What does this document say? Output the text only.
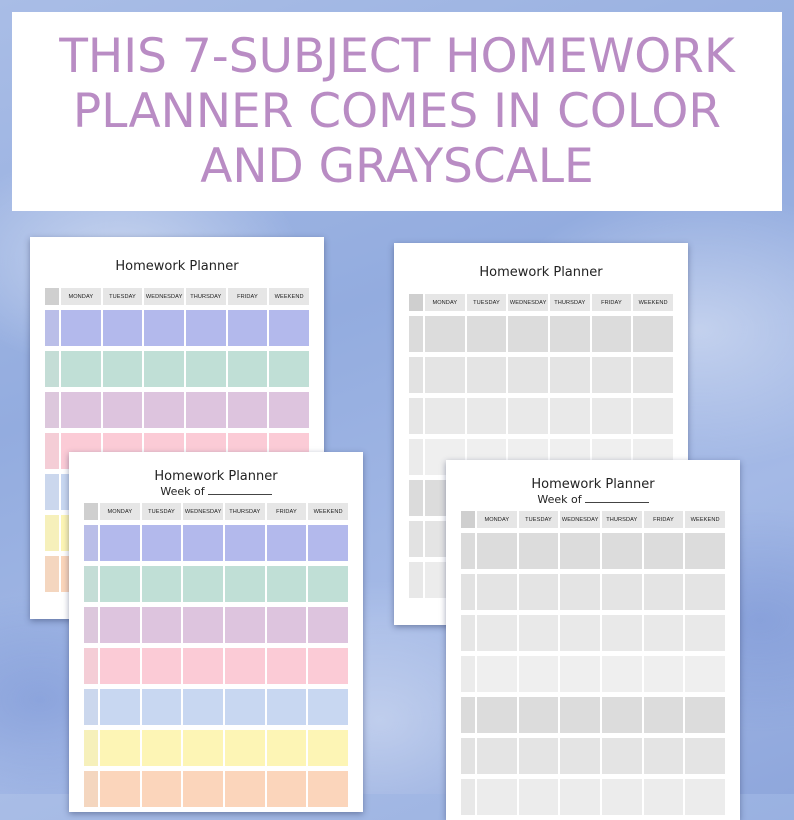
THIS 7-SUBJECT HOMEWORK PLANNER COMES IN COLOR AND GRAYSCALE
Homework Planner
MONDAY	TUESDAY	WEDNESDAY	THURSDAY	FRIDAY	WEEKEND
Homework Planner
MONDAY	TUESDAY	WEDNESDAY	THURSDAY	FRIDAY	WEEKEND
Homework Planner
Week of
MONDAY	TUESDAY	WEDNESDAY	THURSDAY	FRIDAY	WEEKEND
Homework Planner
Week of
MONDAY	TUESDAY	WEDNESDAY	THURSDAY	FRIDAY	WEEKEND
